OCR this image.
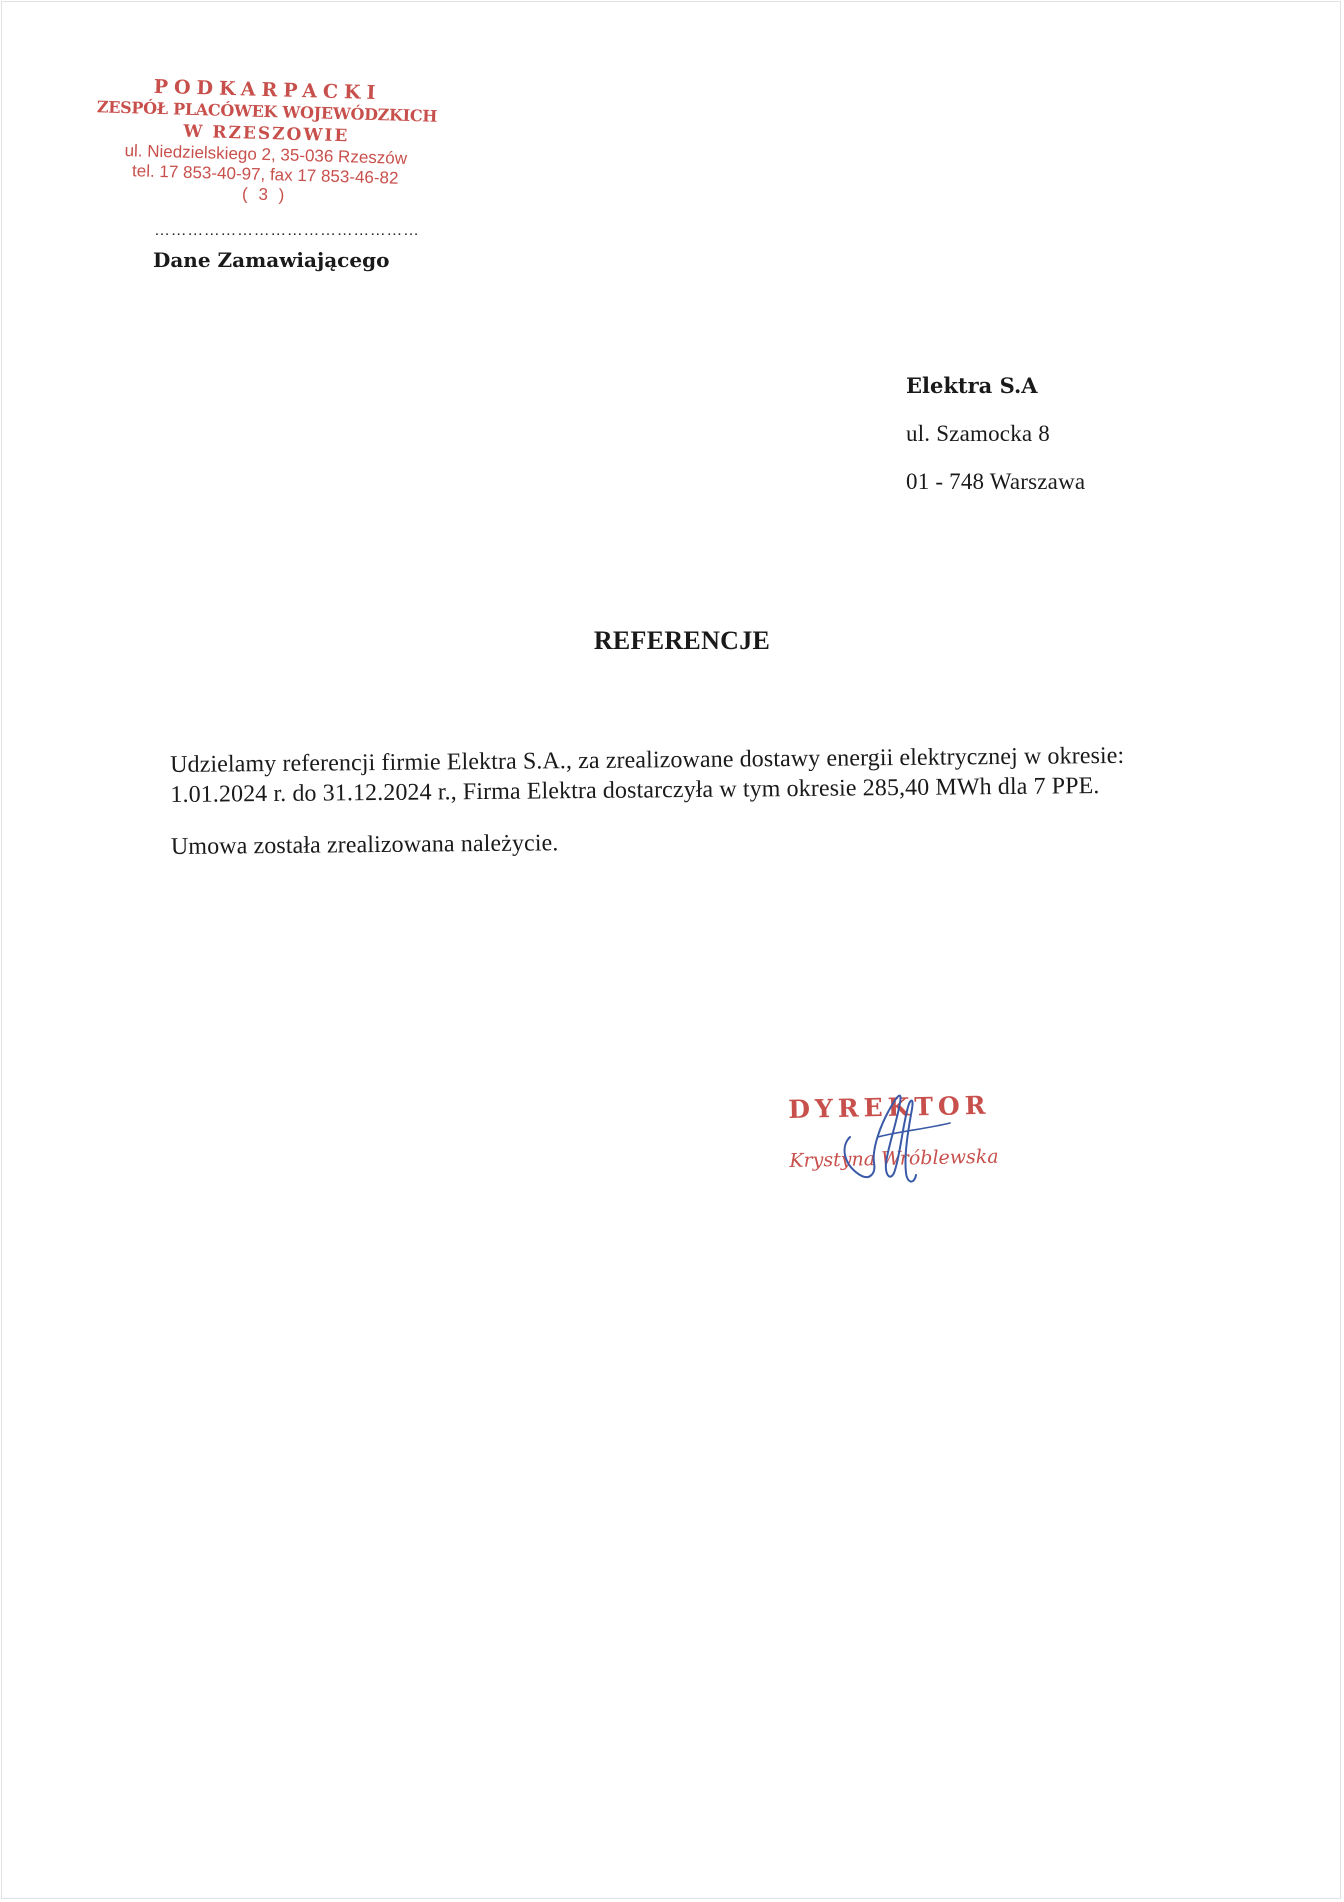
PODKARPACKI
ZESPÓŁ PLACÓWEK WOJEWÓDZKICH
W RZESZOWIE
ul. Niedzielskiego 2, 35-036 Rzeszów
tel. 17 853-40-97, fax 17 853-46-82
( 3 )
…………………………………………
Dane Zamawiającego
Elektra S.A
ul. Szamocka 8
01 - 748 Warszawa
REFERENCJE

Udzielamy referencji firmie Elektra S.A., za zrealizowane dostawy energii elektrycznej w okresie: 1.01.2024 r. do 31.12.2024 r., Firma Elektra dostarczyła w tym okresie 285,40 MWh dla 7 PPE.

Umowa została zrealizowana należycie.

DYREKTOR
Krystyna Wróblewska
